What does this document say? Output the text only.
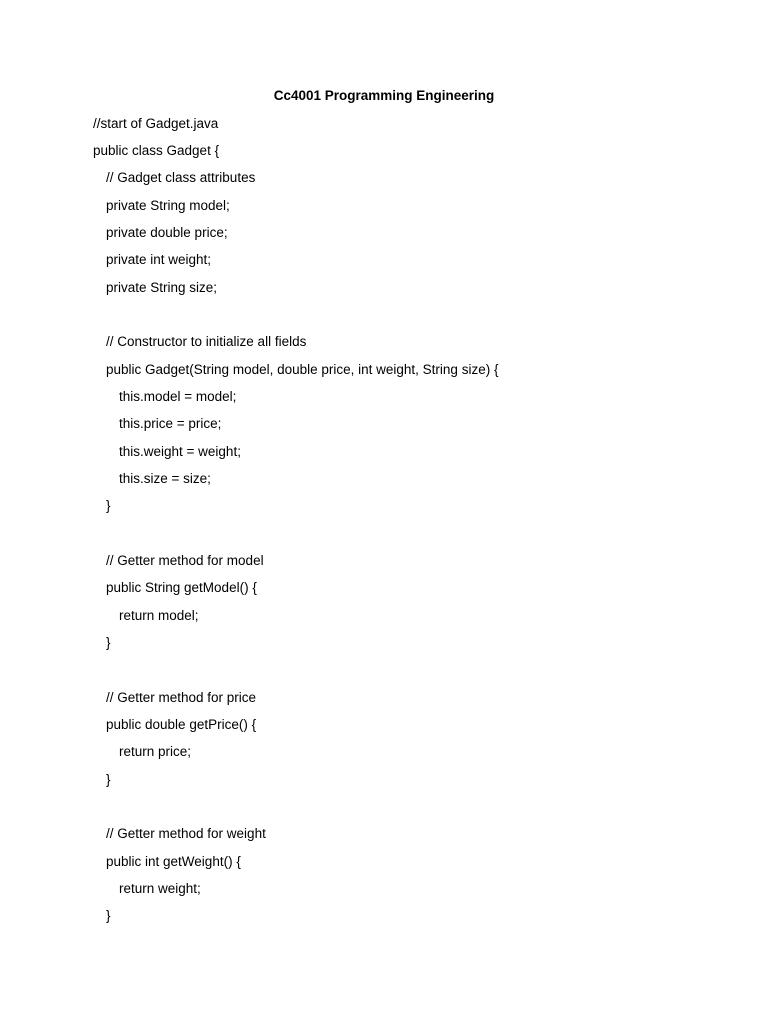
Cc4001 Programming Engineering
//start of Gadget.java
public class Gadget {
// Gadget class attributes
private String model;
private double price;
private int weight;
private String size;
// Constructor to initialize all fields
public Gadget(String model, double price, int weight, String size) {
this.model = model;
this.price = price;
this.weight = weight;
this.size = size;
}
// Getter method for model
public String getModel() {
return model;
}
// Getter method for price
public double getPrice() {
return price;
}
// Getter method for weight
public int getWeight() {
return weight;
}
